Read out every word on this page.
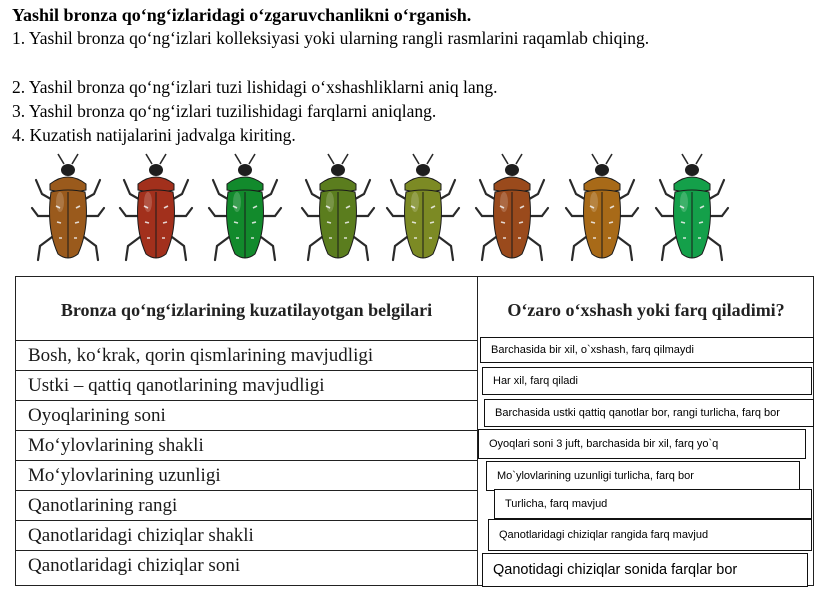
Yashil bronza qo‘ng‘izlaridagi o‘zgaruvchanlikni o‘rganish.
1. Yashil bronza qo‘ng‘izlari kolleksiyasi yoki ularning rangli rasmlarini raqamlab chiqing.
2. Yashil bronza qo‘ng‘izlari tuzi lishidagi o‘xshashliklarni aniq lang.
3. Yashil bronza qo‘ng‘izlari tuzilishidagi farqlarni aniqlang.
4. Kuzatish natijalarini jadvalga kiriting.
Bronza qo‘ng‘izlarining kuzatilayotgan belgilari	O‘zaro o‘xshash yoki farq qiladimi?
Bosh, ko‘krak, qorin qismlarining mavjudligi
Ustki – qattiq qanotlarining mavjudligi
Oyoqlarining soni
Mo‘ylovlarining shakli
Mo‘ylovlarining uzunligi
Qanotlarining rangi
Qanotlaridagi chiziqlar shakli
Qanotlaridagi chiziqlar soni
Barchasida bir xil, o`xshash, farq qilmaydi
Har xil, farq qiladi
Barchasida ustki qattiq qanotlar bor, rangi turlicha, farq bor
Oyoqlari soni 3 juft, barchasida bir xil, farq yo`q
Mo`ylovlarining uzunligi turlicha, farq bor
Turlicha, farq mavjud
Qanotlaridagi chiziqlar rangida farq mavjud
Qanotidagi chiziqlar sonida farqlar bor
